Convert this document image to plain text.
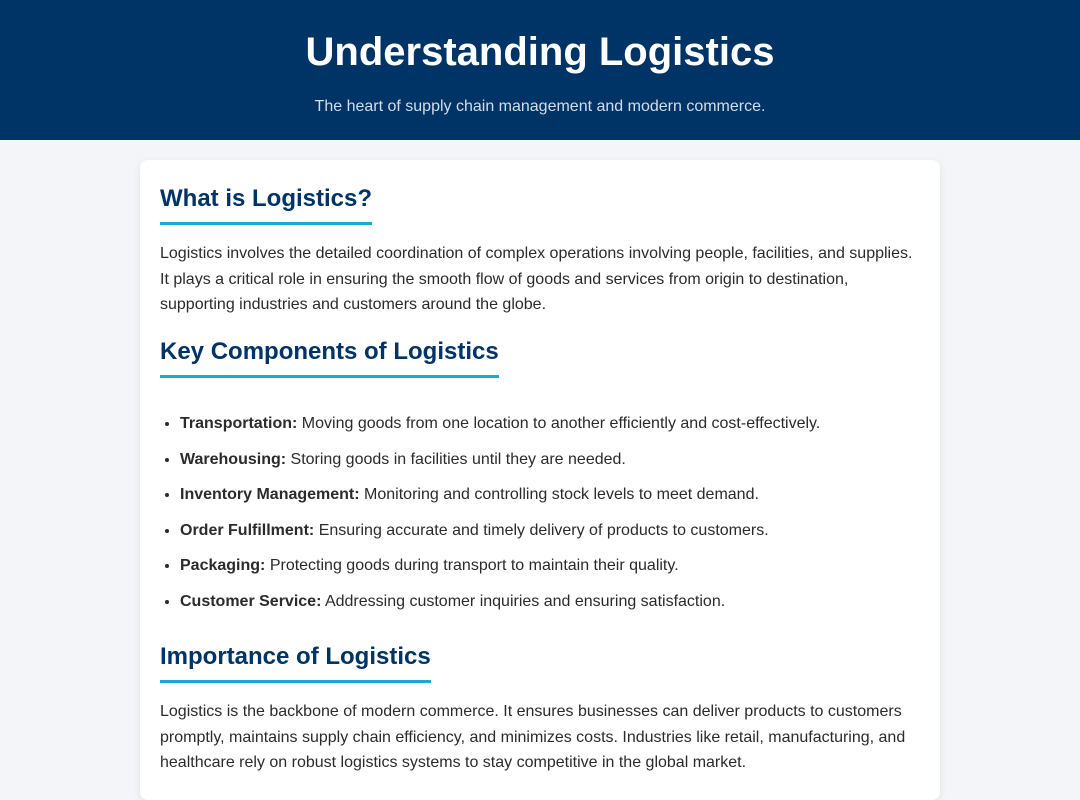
Understanding Logistics

The heart of supply chain management and modern commerce.

What is Logistics?

Logistics involves the detailed coordination of complex operations involving people, facilities, and supplies. It plays a critical role in ensuring the smooth flow of goods and services from origin to destination, supporting industries and customers around the globe.

Key Components of Logistics
• Transportation: Moving goods from one location to another efficiently and cost-effectively.
• Warehousing: Storing goods in facilities until they are needed.
• Inventory Management: Monitoring and controlling stock levels to meet demand.
• Order Fulfillment: Ensuring accurate and timely delivery of products to customers.
• Packaging: Protecting goods during transport to maintain their quality.
• Customer Service: Addressing customer inquiries and ensuring satisfaction.
Importance of Logistics

Logistics is the backbone of modern commerce. It ensures businesses can deliver products to customers promptly, maintains supply chain efficiency, and minimizes costs. Industries like retail, manufacturing, and healthcare rely on robust logistics systems to stay competitive in the global market.
